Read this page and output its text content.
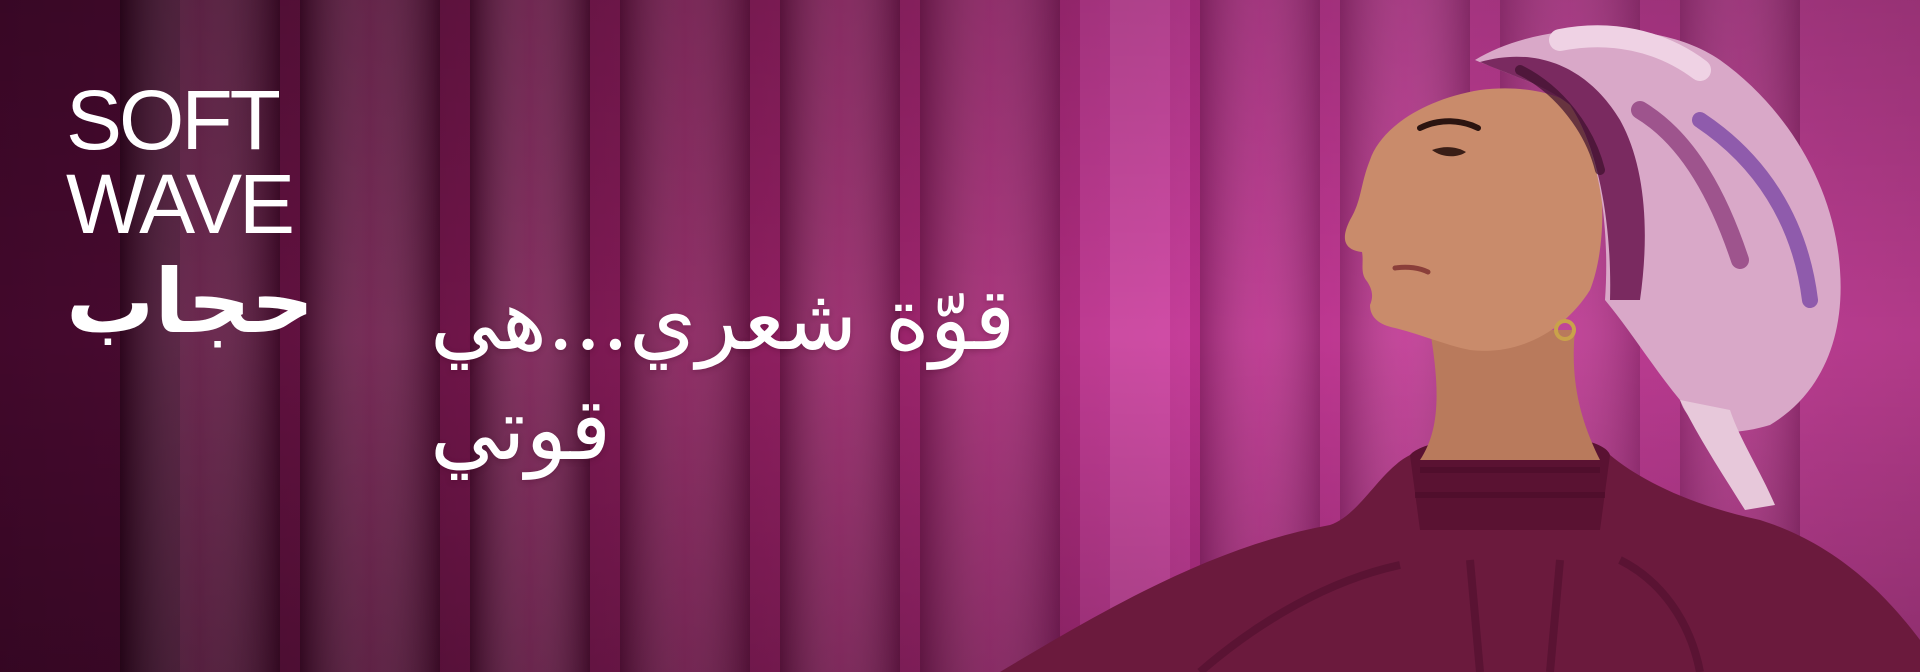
SOFT
WAVE
حجاب قوّة شعري...هي قوتي
